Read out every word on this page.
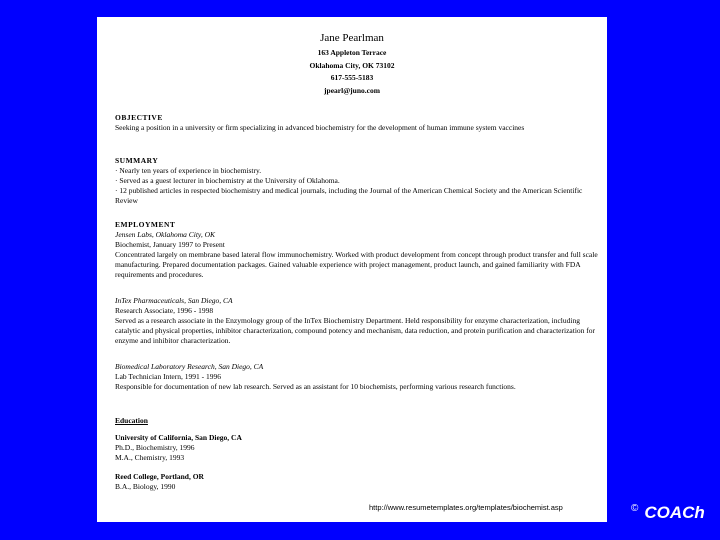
Jane Pearlman
163 Appleton Terrace
Oklahoma City, OK 73102
617-555-5183
jpearl@juno.com
OBJECTIVE
Seeking a position in a university or firm specializing in advanced biochemistry for the development of human immune system vaccines
SUMMARY
· Nearly ten years of experience in biochemistry.
· Served as a guest lecturer in biochemistry at the University of Oklahoma.
· 12 published articles in respected biochemistry and medical journals, including the Journal of the American Chemical Society and the American Scientific Review
EMPLOYMENT
Jensen Labs, Oklahoma City, OK
Biochemist, January 1997 to Present
Concentrated largely on membrane based lateral flow immunochemistry. Worked with product development from concept through product transfer and full scale manufacturing. Prepared documentation packages. Gained valuable experience with project management, product launch, and gained familiarity with FDA requirements and procedures.
InTex Pharmaceuticals, San Diego, CA
Research Associate, 1996 - 1998
Served as a research associate in the Enzymology group of the InTex Biochemistry Department. Held responsibility for enzyme characterization, including catalytic and physical properties, inhibitor characterization, compound potency and mechanism, data reduction, and protein purification and characterization for enzyme and inhibitor characterization.
Biomedical Laboratory Research, San Diego, CA
Lab Technician Intern, 1991 - 1996
Responsible for documentation of new lab research. Served as an assistant for 10 biochemists, performing various research functions.
Education
University of California, San Diego, CA
Ph.D., Biochemistry, 1996
M.A., Chemistry, 1993
Reed College, Portland, OR
B.A., Biology, 1990
http://www.resumetemplates.org/templates/biochemist.asp	© COACh
